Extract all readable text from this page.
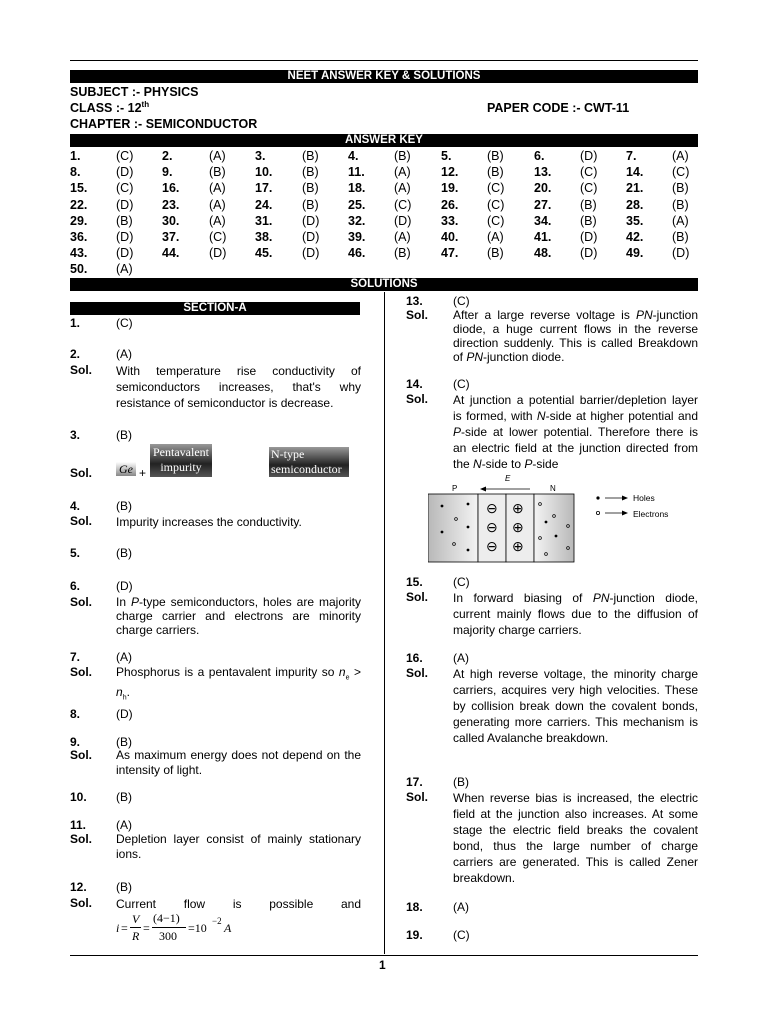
NEET ANSWER KEY & SOLUTIONS
SUBJECT :- PHYSICS
CLASS :- 12th	PAPER CODE :- CWT-11
CHAPTER :- SEMICONDUCTOR
ANSWER KEY
1.	(C) 2.	(A) 3.	(B) 4.	(B) 5.	(B) 6.	(D) 7.	(A)
8.	(D) 9.	(B) 10. (B) 11. (A) 12. (B) 13. (C) 14. (C)
15. (C) 16. (A) 17. (B) 18. (A) 19. (C) 20. (C) 21. (B)
22. (D) 23. (A) 24. (B) 25. (C) 26. (C) 27. (B) 28. (B)
29. (B) 30. (A) 31. (D) 32. (D) 33. (C) 34. (B) 35. (A)
36. (D) 37. (C) 38. (D) 39. (A) 40. (A) 41. (D) 42. (B)
43. (D) 44. (D) 45. (D) 46. (B) 47. (B) 48. (D) 49. (D)
50. (A)
SOLUTIONS
SECTION-A
1.	(C)
2.	(A)
Sol. With temperature rise conductivity of semiconductors increases, that's why resistance of semiconductor is decrease.
3.	(B)
Sol. Ge +
Pentavalent impurity
N-type semiconductor
4.	(B)
Sol. Impurity increases the conductivity.
5.	(B)
6.	(D)
Sol. In P-type semiconductors, holes are majority charge carrier and electrons are minority charge carriers.
7.	(A)
Sol. Phosphorus is a pentavalent impurity so $n_e > n_h$.
8.	(D)
9.	(B)
Sol. As maximum energy does not depend on the intensity of light.
10. (B)
11. (A)
Sol. Depletion layer consist of mainly stationary ions.
12. (B)
Sol. Current flow is possible and
i =
V
R
=
(4−1)
300
=10 −2 A
13.	(C)
Sol. After a large reverse voltage is PN-junction diode, a huge current flows in the reverse direction suddenly. This is called Breakdown of PN-junction diode.
14.	(C)
Sol. At junction a potential barrier/depletion layer is formed, with N-side at higher potential and P-side at lower potential. Therefore there is an electric field at the junction directed from the N-side to P-side
P
E
N
⊖
⊖
⊖
⊕
⊕
⊕
Holes
Electrons
15.	(C)
Sol. In forward biasing of PN-junction diode, current mainly flows due to the diffusion of majority charge carriers.
16.	(A)
Sol. At high reverse voltage, the minority charge carriers, acquires very high velocities. These by collision break down the covalent bonds, generating more carriers. This mechanism is called Avalanche breakdown.
17.	(B)
Sol. When reverse bias is increased, the electric field at the junction also increases. At some stage the electric field breaks the covalent bond, thus the large number of charge carriers are generated. This is called Zener breakdown.
18.	(A)
19.	(C)
1
